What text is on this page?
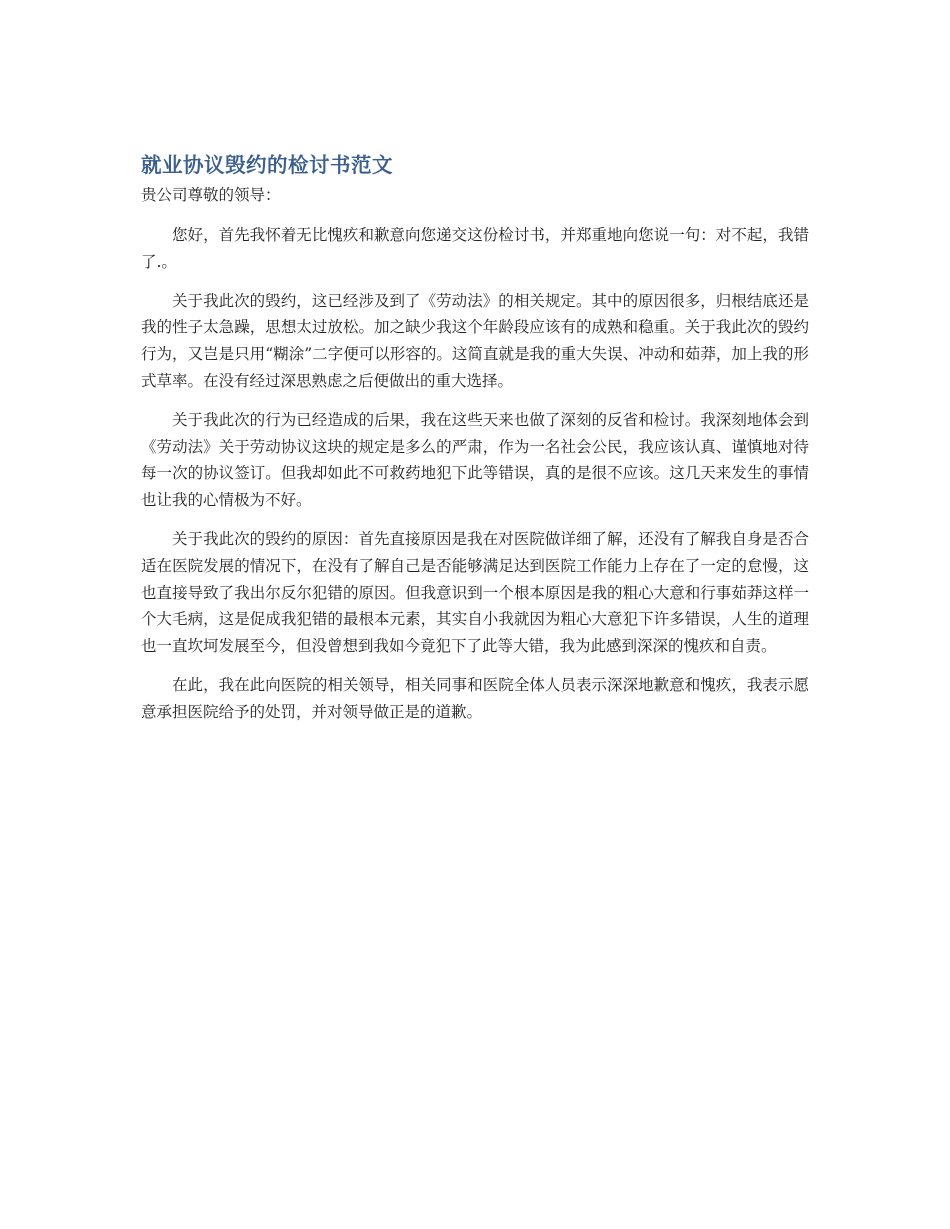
就业协议毁约的检讨书范文
贵公司尊敬的领导：

您好，首先我怀着无比愧疚和歉意向您递交这份检讨书，并郑重地向您说一句：对不起，我错了.。

关于我此次的毁约，这已经涉及到了《劳动法》的相关规定。其中的原因很多，归根结底还是我的性子太急躁，思想太过放松。加之缺少我这个年龄段应该有的成熟和稳重。关于我此次的毁约行为，又岂是只用“糊涂”二字便可以形容的。这简直就是我的重大失误、冲动和茹莽，加上我的形式草率。在没有经过深思熟虑之后便做出的重大选择。

关于我此次的行为已经造成的后果，我在这些天来也做了深刻的反省和检讨。我深刻地体会到《劳动法》关于劳动协议这块的规定是多么的严肃，作为一名社会公民，我应该认真、谨慎地对待每一次的协议签订。但我却如此不可救药地犯下此等错误，真的是很不应该。这几天来发生的事情也让我的心情极为不好。

关于我此次的毁约的原因：首先直接原因是我在对医院做详细了解，还没有了解我自身是否合适在医院发展的情况下，在没有了解自己是否能够满足达到医院工作能力上存在了一定的怠慢，这也直接导致了我出尔反尔犯错的原因。但我意识到一个根本原因是我的粗心大意和行事茹莽这样一个大毛病，这是促成我犯错的最根本元素，其实自小我就因为粗心大意犯下许多错误，人生的道理也一直坎坷发展至今，但没曾想到我如今竟犯下了此等大错，我为此感到深深的愧疚和自责。

在此，我在此向医院的相关领导，相关同事和医院全体人员表示深深地歉意和愧疚，我表示愿意承担医院给予的处罚，并对领导做正是的道歉。
